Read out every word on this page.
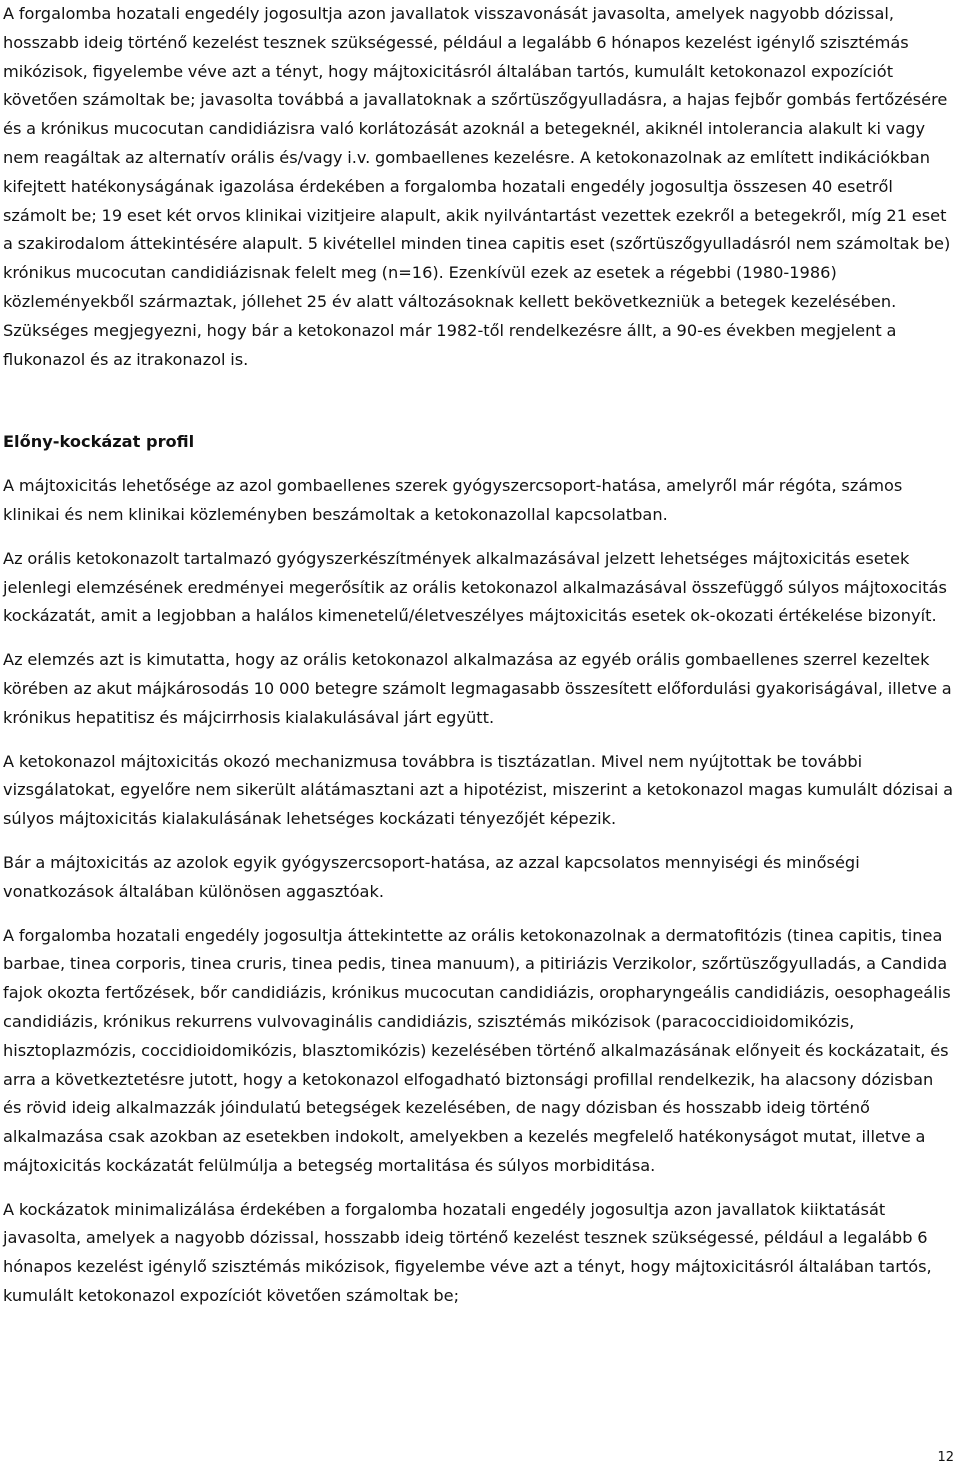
A forgalomba hozatali engedély jogosultja azon javallatok visszavonását javasolta, amelyek nagyobb dózissal, hosszabb ideig történő kezelést tesznek szükségessé, például a legalább 6 hónapos kezelést igénylő szisztémás mikózisok, figyelembe véve azt a tényt, hogy májtoxicitásról általában tartós, kumulált ketokonazol expozíciót követően számoltak be; javasolta továbbá a javallatoknak a szőrtüszőgyulladásra, a hajas fejbőr gombás fertőzésére és a krónikus mucocutan candidiázisra való korlátozását azoknál a betegeknél, akiknél intolerancia alakult ki vagy nem reagáltak az alternatív orális és/vagy i.v. gombaellenes kezelésre. A ketokonazolnak az említett indikációkban kifejtett hatékonyságának igazolása érdekében a forgalomba hozatali engedély jogosultja összesen 40 esetről számolt be; 19 eset két orvos klinikai vizitjeire alapult, akik nyilvántartást vezettek ezekről a betegekről, míg 21 eset a szakirodalom áttekintésére alapult. 5 kivétellel minden tinea capitis eset (szőrtüszőgyulladásról nem számoltak be) krónikus mucocutan candidiázisnak felelt meg (n=16). Ezenkívül ezek az esetek a régebbi (1980-1986) közleményekből származtak, jóllehet 25 év alatt változásoknak kellett bekövetkezniük a betegek kezelésében. Szükséges megjegyezni, hogy bár a ketokonazol már 1982-től rendelkezésre állt, a 90-es években megjelent a flukonazol és az itrakonazol is.

Előny-kockázat profil

A májtoxicitás lehetősége az azol gombaellenes szerek gyógyszercsoport-hatása, amelyről már régóta, számos klinikai és nem klinikai közleményben beszámoltak a ketokonazollal kapcsolatban.

Az orális ketokonazolt tartalmazó gyógyszerkészítmények alkalmazásával jelzett lehetséges májtoxicitás esetek jelenlegi elemzésének eredményei megerősítik az orális ketokonazol alkalmazásával összefüggő súlyos májtoxocitás kockázatát, amit a legjobban a halálos kimenetelű/életveszélyes májtoxicitás esetek ok-okozati értékelése bizonyít.

Az elemzés azt is kimutatta, hogy az orális ketokonazol alkalmazása az egyéb orális gombaellenes szerrel kezeltek körében az akut májkárosodás 10 000 betegre számolt legmagasabb összesített előfordulási gyakoriságával, illetve a krónikus hepatitisz és májcirrhosis kialakulásával járt együtt.

A ketokonazol májtoxicitás okozó mechanizmusa továbbra is tisztázatlan. Mivel nem nyújtottak be további vizsgálatokat, egyelőre nem sikerült alátámasztani azt a hipotézist, miszerint a ketokonazol magas kumulált dózisai a súlyos májtoxicitás kialakulásának lehetséges kockázati tényezőjét képezik.

Bár a májtoxicitás az azolok egyik gyógyszercsoport-hatása, az azzal kapcsolatos mennyiségi és minőségi vonatkozások általában különösen aggasztóak.

A forgalomba hozatali engedély jogosultja áttekintette az orális ketokonazolnak a dermatofitózis (tinea capitis, tinea barbae, tinea corporis, tinea cruris, tinea pedis, tinea manuum), a pitiriázis Verzikolor, szőrtüszőgyulladás, a Candida fajok okozta fertőzések, bőr candidiázis, krónikus mucocutan candidiázis, oropharyngeális candidiázis, oesophageális candidiázis, krónikus rekurrens vulvovaginális candidiázis, szisztémás mikózisok (paracoccidioidomikózis, hisztoplazmózis, coccidioidomikózis, blasztomikózis) kezelésében történő alkalmazásának előnyeit és kockázatait, és arra a következtetésre jutott, hogy a ketokonazol elfogadható biztonsági profillal rendelkezik, ha alacsony dózisban és rövid ideig alkalmazzák jóindulatú betegségek kezelésében, de nagy dózisban és hosszabb ideig történő alkalmazása csak azokban az esetekben indokolt, amelyekben a kezelés megfelelő hatékonyságot mutat, illetve a májtoxicitás kockázatát felülmúlja a betegség mortalitása és súlyos morbiditása.

A kockázatok minimalizálása érdekében a forgalomba hozatali engedély jogosultja azon javallatok kiiktatását javasolta, amelyek a nagyobb dózissal, hosszabb ideig történő kezelést tesznek szükségessé, például a legalább 6 hónapos kezelést igénylő szisztémás mikózisok, figyelembe véve azt a tényt, hogy májtoxicitásról általában tartós, kumulált ketokonazol expozíciót követően számoltak be;

12
